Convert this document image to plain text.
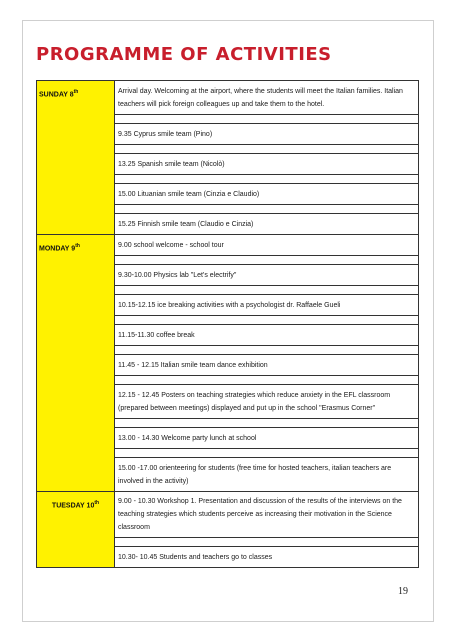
PROGRAMME OF ACTIVITIES
SUNDAY 8th	Arrival day. Welcoming at the airport, where the students will meet the Italian families. Italian teachers will pick foreign colleagues up and take them to the hotel.

	9.35 Cyprus smile team (Pino)

	13.25 Spanish smile team (Nicolò)

	15.00 Lituanian smile team (Cinzia e Claudio)

	15.25 Finnish smile team (Claudio e Cinzia)

MONDAY 9th	9.00 school welcome - school tour

	9.30-10.00 Physics lab "Let's electrify"

	10.15-12.15 ice breaking activities with a psychologist dr. Raffaele Gueli

	11.15-11.30 coffee break

	11.45 - 12.15 Italian smile team dance exhibition

	12.15 - 12.45 Posters on teaching strategies which reduce anxiety in the EFL classroom (prepared between meetings) displayed and put up in the school "Erasmus Corner"

	13.00 - 14.30 Welcome party lunch at school

	15.00 -17.00 orienteering for students (free time for hosted teachers, italian teachers are involved in the activity)

TUESDAY 10th	9.00 - 10.30 Workshop 1. Presentation and discussion of the results of the interviews on the teaching strategies which students perceive as increasing their motivation in the Science classroom

	10.30- 10.45 Students and teachers go to classes
19
